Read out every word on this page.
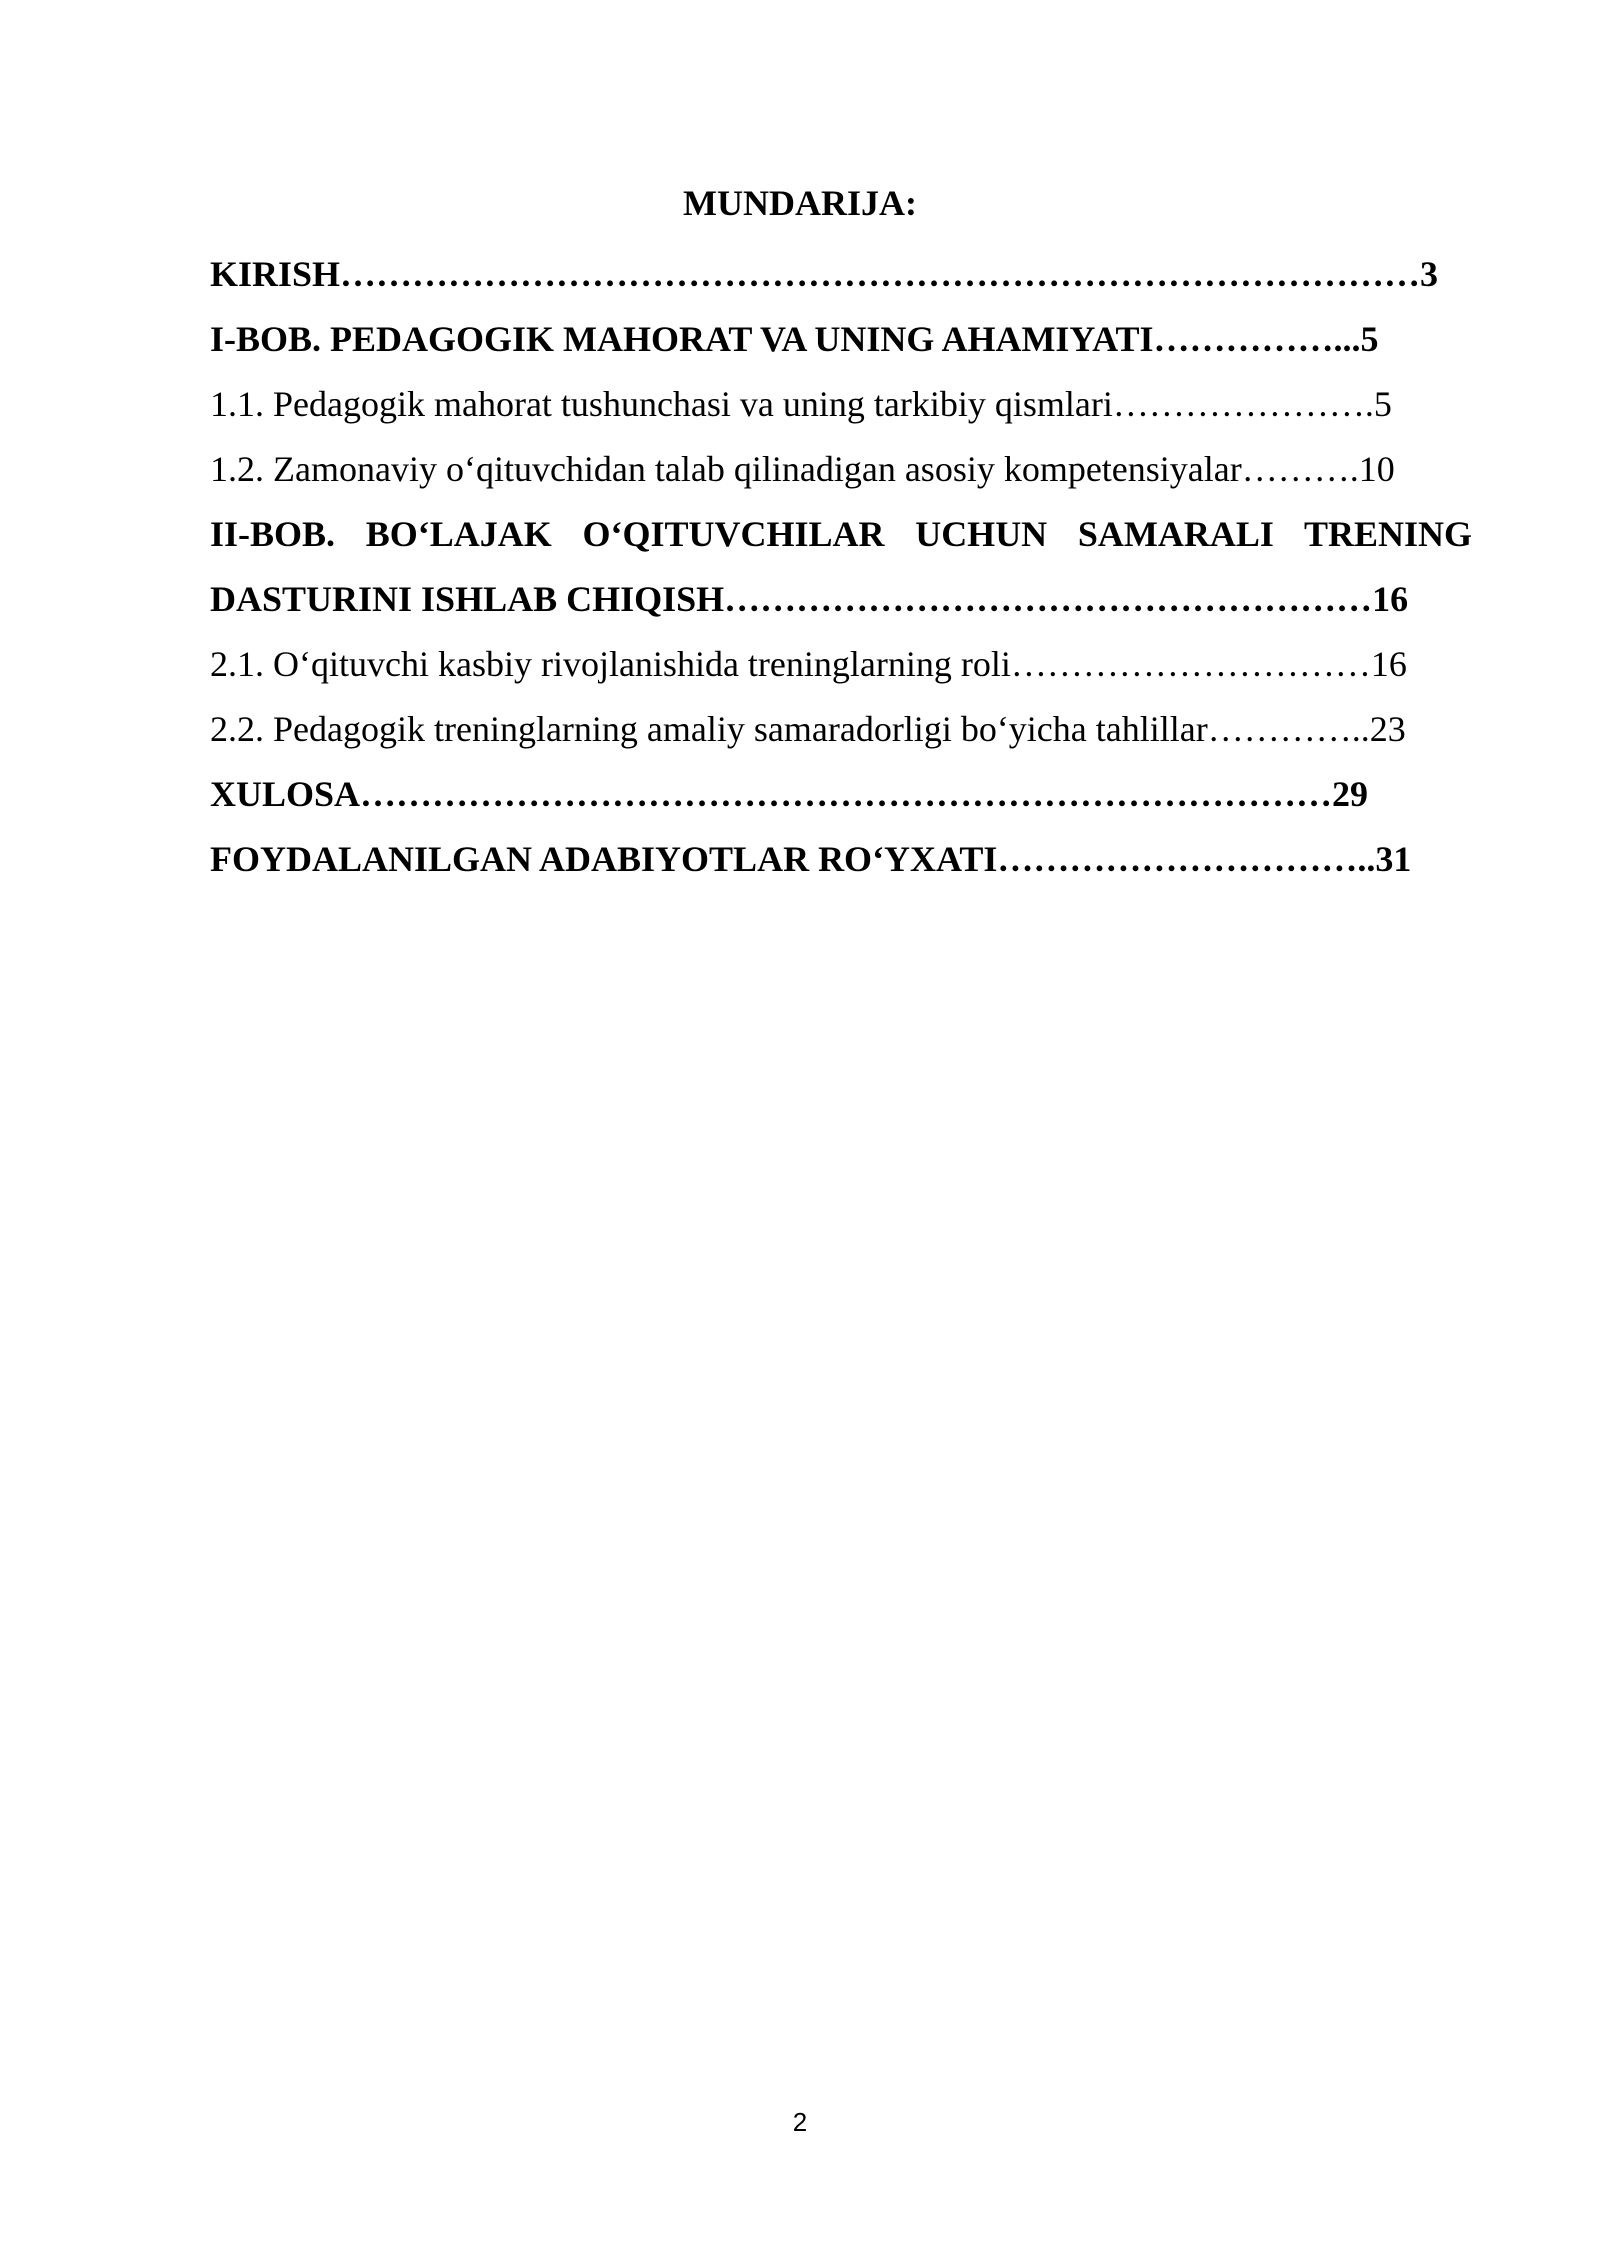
MUNDARIJA:
KIRISH………………………………………………………………………………3
I-BOB. PEDAGOGIK MAHORAT VA UNING AHAMIYATI……………...5
1.1. Pedagogik mahorat tushunchasi va uning tarkibiy qismlari………………….5
1.2. Zamonaviy o‘qituvchidan talab qilinadigan asosiy kompetensiyalar……….10
II-BOB. BO‘LAJAK O‘QITUVCHILAR UCHUN SAMARALI TRENING
DASTURINI ISHLAB CHIQISH………………………………………………16
2.1. O‘qituvchi kasbiy rivojlanishida treninglarning roli…………………………16
2.2. Pedagogik treninglarning amaliy samaradorligi bo‘yicha tahlillar…………..23
XULOSA………………………………………………………………………29
FOYDALANILGAN ADABIYOTLAR RO‘YXATI…………………………..31
2
